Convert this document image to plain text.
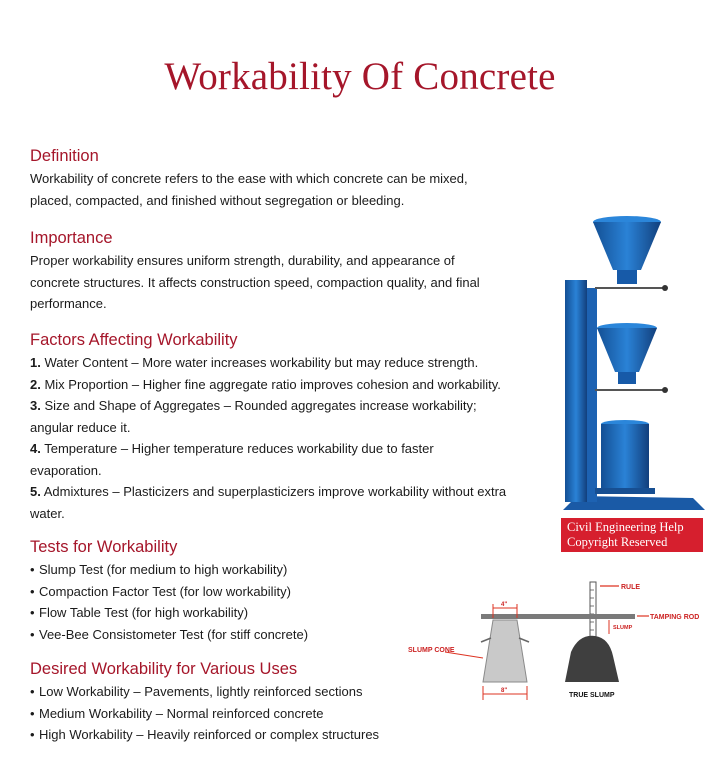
Workability Of Concrete
Definition
Workability of concrete refers to the ease with which concrete can be mixed,
placed, compacted, and finished without segregation or bleeding.
Importance
Proper workability ensures uniform strength, durability, and appearance of
concrete structures. It affects construction speed, compaction quality, and final
performance.
Factors Affecting Workability
1. Water Content – More water increases workability but may reduce strength.
2. Mix Proportion – Higher fine aggregate ratio improves cohesion and workability.
3. Size and Shape of Aggregates – Rounded aggregates increase workability;
angular reduce it.
4. Temperature – Higher temperature reduces workability due to faster
evaporation.
5. Admixtures – Plasticizers and superplasticizers improve workability without extra
water.
Tests for Workability
• Slump Test (for medium to high workability)
• Compaction Factor Test (for low workability)
• Flow Table Test (for high workability)
• Vee-Bee Consistometer Test (for stiff concrete)
Desired Workability for Various Uses
• Low Workability – Pavements, lightly reinforced sections
• Medium Workability – Normal reinforced concrete
• High Workability – Heavily reinforced or complex structures
Civil Engineering Help
Copyright Reserved
RULE
TAMPING ROD
SLUMP
SLUMP CONE
4"
8"
TRUE SLUMP
